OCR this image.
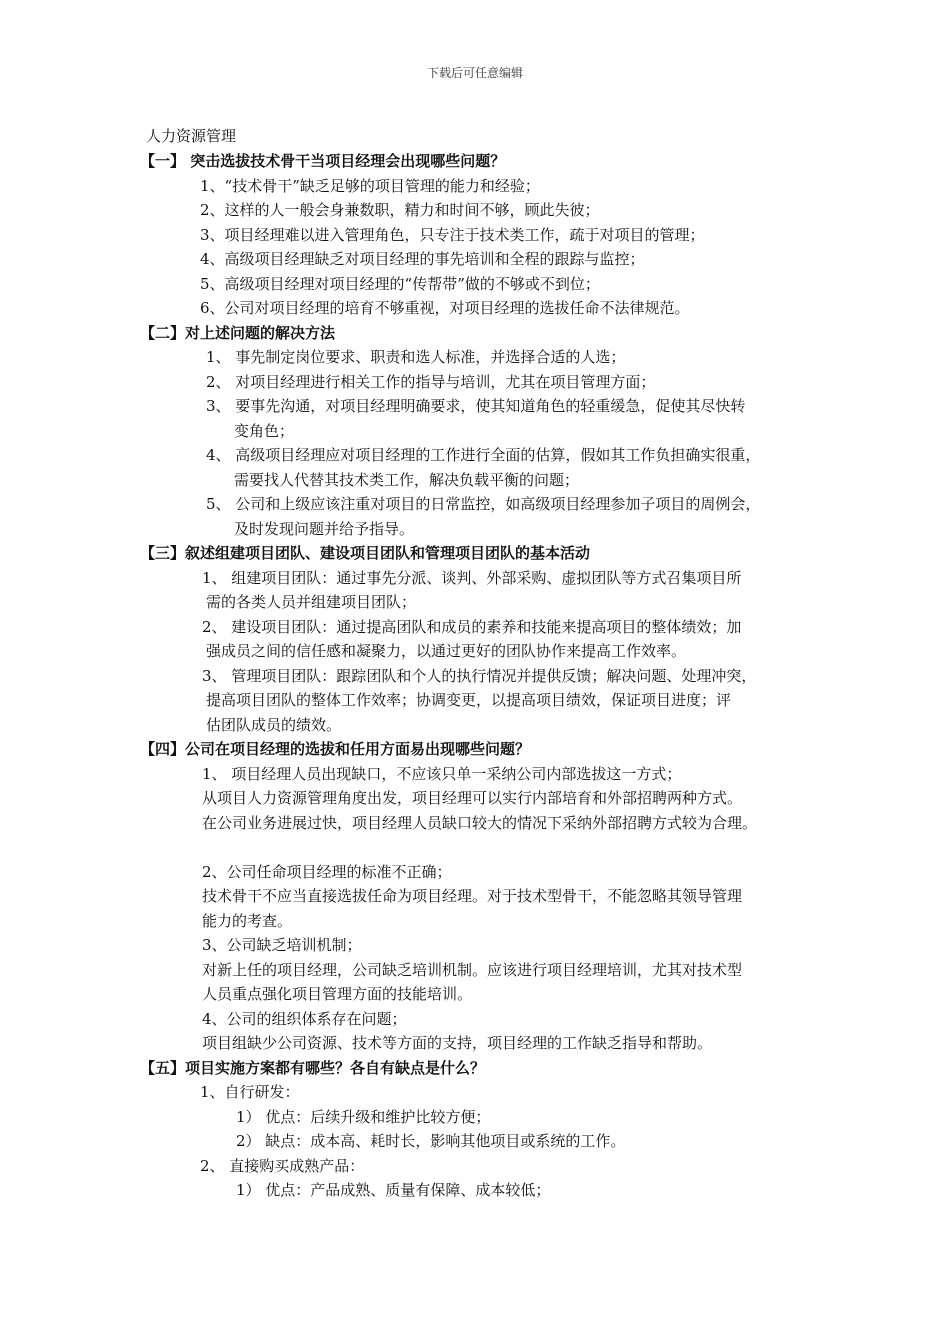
下载后可任意编辑
人力资源管理
【一】 突击选拔技术骨干当项目经理会出现哪些问题？
1、“技术骨干”缺乏足够的项目管理的能力和经验；
2、这样的人一般会身兼数职，精力和时间不够，顾此失彼；
3、项目经理难以进入管理角色，只专注于技术类工作，疏于对项目的管理；
4、高级项目经理缺乏对项目经理的事先培训和全程的跟踪与监控；
5、高级项目经理对项目经理的“传帮带”做的不够或不到位；
6、公司对项目经理的培育不够重视，对项目经理的选拔任命不法律规范。
【二】对上述问题的解决方法
1、 事先制定岗位要求、职责和选人标准，并选择合适的人选；
2、 对项目经理进行相关工作的指导与培训，尤其在项目管理方面；
3、 要事先沟通，对项目经理明确要求，使其知道角色的轻重缓急，促使其尽快转
变角色；
4、 高级项目经理应对项目经理的工作进行全面的估算，假如其工作负担确实很重，
需要找人代替其技术类工作，解决负载平衡的问题；
5、 公司和上级应该注重对项目的日常监控，如高级项目经理参加子项目的周例会，
及时发现问题并给予指导。
【三】叙述组建项目团队、建设项目团队和管理项目团队的基本活动
1、 组建项目团队：通过事先分派、谈判、外部采购、虚拟团队等方式召集项目所
需的各类人员并组建项目团队；
2、 建设项目团队：通过提高团队和成员的素养和技能来提高项目的整体绩效；加
强成员之间的信任感和凝聚力，以通过更好的团队协作来提高工作效率。
3、 管理项目团队：跟踪团队和个人的执行情况并提供反馈；解决问题、处理冲突，
提高项目团队的整体工作效率；协调变更，以提高项目绩效，保证项目进度；评
估团队成员的绩效。
【四】公司在项目经理的选拔和任用方面易出现哪些问题？
1、 项目经理人员出现缺口，不应该只单一采纳公司内部选拔这一方式；
从项目人力资源管理角度出发，项目经理可以实行内部培育和外部招聘两种方式。
在公司业务进展过快，项目经理人员缺口较大的情况下采纳外部招聘方式较为合理。
2、公司任命项目经理的标准不正确；
技术骨干不应当直接选拔任命为项目经理。对于技术型骨干，不能忽略其领导管理
能力的考查。
3、公司缺乏培训机制；
对新上任的项目经理，公司缺乏培训机制。应该进行项目经理培训，尤其对技术型
人员重点强化项目管理方面的技能培训。
4、公司的组织体系存在问题；
项目组缺少公司资源、技术等方面的支持，项目经理的工作缺乏指导和帮助。
【五】项目实施方案都有哪些？各自有缺点是什么？
1、自行研发：
1） 优点：后续升级和维护比较方便；
2） 缺点：成本高、耗时长，影响其他项目或系统的工作。
2、 直接购买成熟产品：
1） 优点：产品成熟、质量有保障、成本较低；
